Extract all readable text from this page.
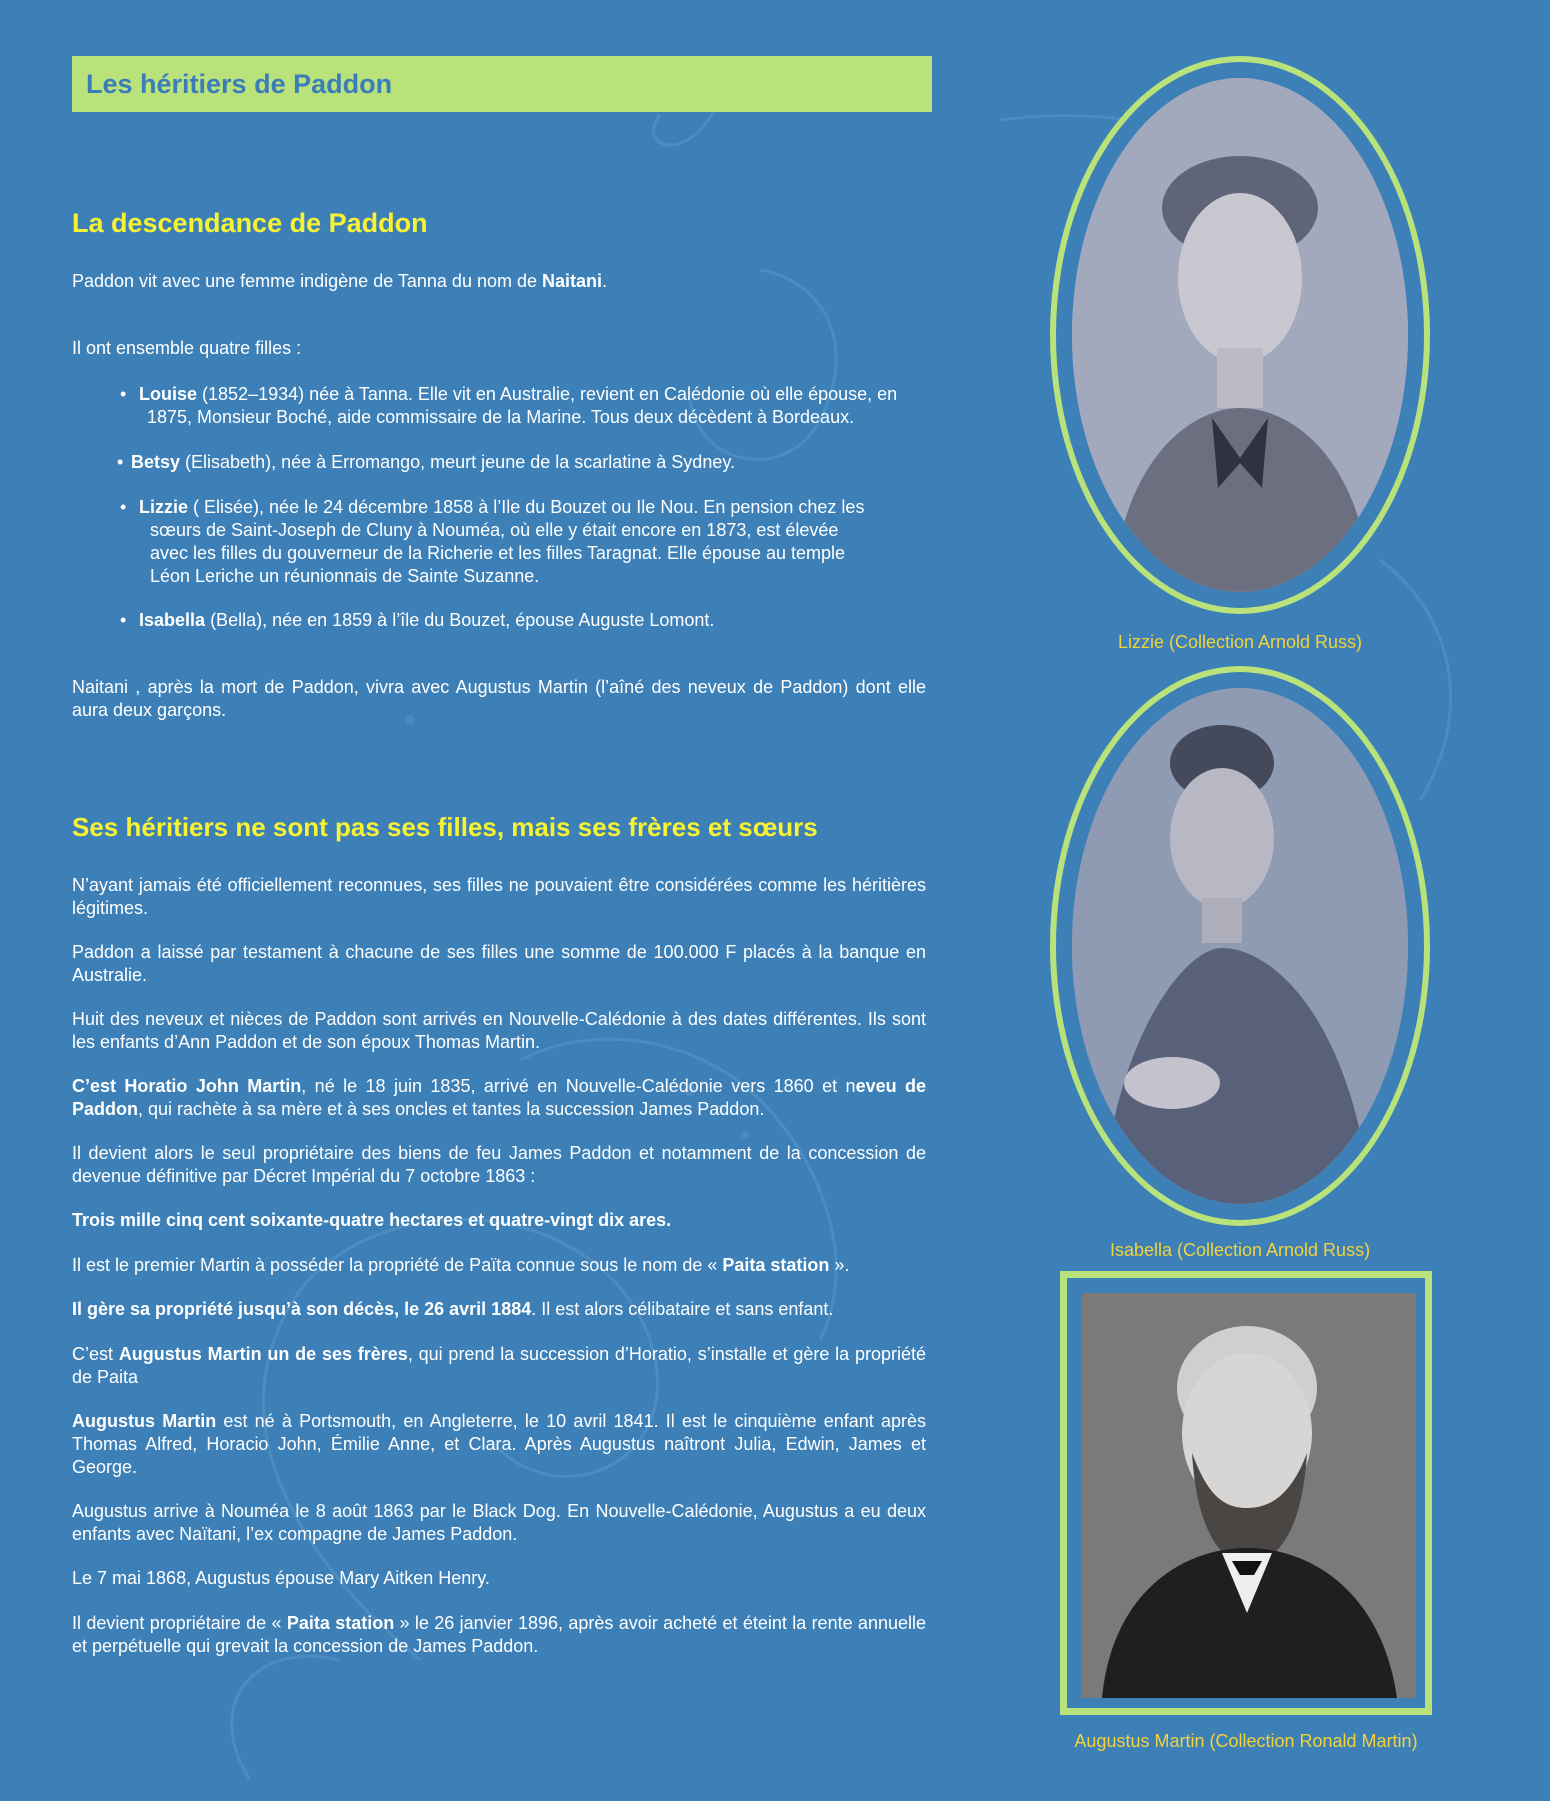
Les héritiers de Paddon
La descendance de Paddon
Paddon vit avec une femme indigène de Tanna du nom de Naitani.
Il ont ensemble quatre filles :
• Louise (1852–1934) née à Tanna. Elle vit en Australie, revient en Calédonie où elle épouse, en
1875, Monsieur Boché, aide commissaire de la Marine. Tous deux décèdent à Bordeaux.
• Betsy (Elisabeth), née à Erromango, meurt jeune de la scarlatine à Sydney.
• Lizzie ( Elisée), née le 24 décembre 1858 à l’Ile du Bouzet ou Ile Nou. En pension chez les
sœurs de Saint-Joseph de Cluny à Nouméa, où elle y était encore en 1873, est élevée
avec les filles du gouverneur de la Richerie et les filles Taragnat. Elle épouse au temple
Léon Leriche un réunionnais de Sainte Suzanne.
• Isabella (Bella), née en 1859 à l’île du Bouzet, épouse Auguste Lomont.
Naitani , après la mort de Paddon, vivra avec Augustus Martin (l’aîné des neveux de Paddon) dont elle aura deux garçons.
Ses héritiers ne sont pas ses filles, mais ses frères et sœurs
N’ayant jamais été officiellement reconnues, ses filles ne pouvaient être considérées comme les héritières légitimes.
Paddon a laissé par testament à chacune de ses filles une somme de 100.000 F placés à la banque en Australie.
Huit des neveux et nièces de Paddon sont arrivés en Nouvelle-Calédonie à des dates différentes. Ils sont les enfants d’Ann Paddon et de son époux Thomas Martin.
C’est Horatio John Martin, né le 18 juin 1835, arrivé en Nouvelle-Calédonie vers 1860 et neveu de Paddon, qui rachète à sa mère et à ses oncles et tantes la succession James Paddon.
Il devient alors le seul propriétaire des biens de feu James Paddon et notamment de la concession de devenue définitive par Décret Impérial du 7 octobre 1863 :
Trois mille cinq cent soixante-quatre hectares et quatre-vingt dix ares.
Il est le premier Martin à posséder la propriété de Païta connue sous le nom de « Paita station ».
Il gère sa propriété jusqu’à son décès, le 26 avril 1884. Il est alors célibataire et sans enfant.
C’est Augustus Martin un de ses frères, qui prend la succession d’Horatio, s’installe et gère la propriété de Paita
Augustus Martin est né à Portsmouth, en Angleterre, le 10 avril 1841. Il est le cinquième enfant après Thomas Alfred, Horacio John, Émilie Anne, et Clara. Après Augustus naîtront Julia, Edwin, James et George.
Augustus arrive à Nouméa le 8 août 1863 par le Black Dog. En Nouvelle-Calédonie, Augustus a eu deux enfants avec Naïtani, l’ex compagne de James Paddon.
Le 7 mai 1868, Augustus épouse Mary Aitken Henry.
Il devient propriétaire de « Paita station » le 26 janvier 1896, après avoir acheté et éteint la rente annuelle et perpétuelle qui grevait la concession de James Paddon.
Lizzie (Collection Arnold Russ)
Isabella (Collection Arnold Russ)
Augustus Martin (Collection Ronald Martin)
